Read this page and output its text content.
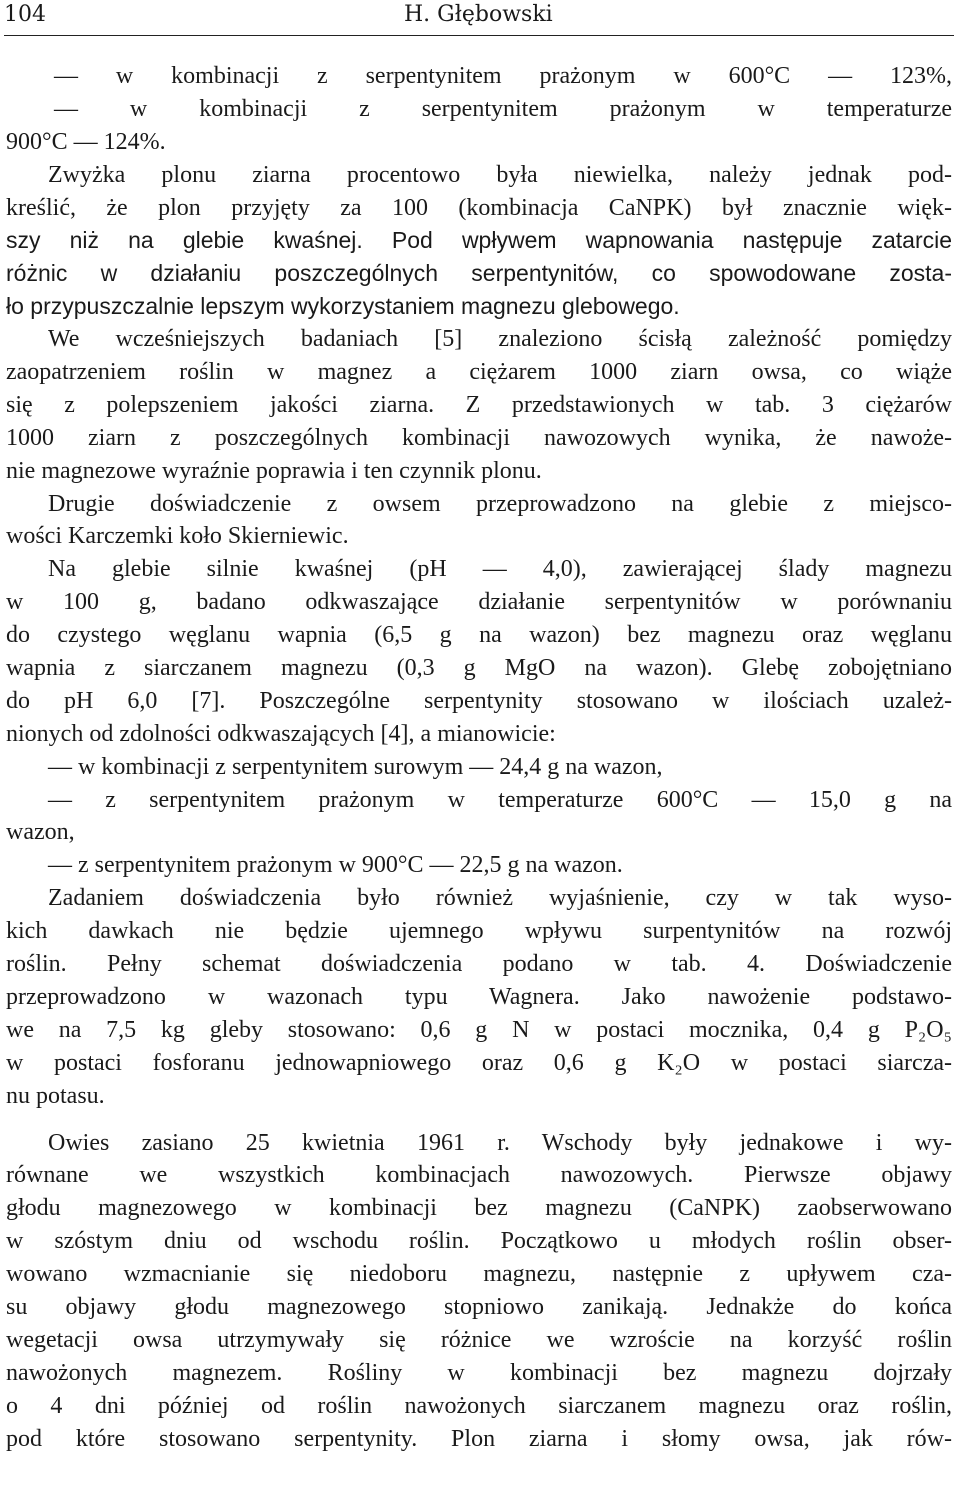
104	H. Głębowski
— w kombinacji z serpentynitem prażonym w 600°C — 123%,
— w kombinacji z serpentynitem prażonym w temperaturze
900°C — 124%.
Zwyżka plonu ziarna procentowo była niewielka, należy jednak pod-
kreślić, że plon przyjęty za 100 (kombinacja CaNPK) był znacznie więk-
szy niż na glebie kwaśnej. Pod wpływem wapnowania następuje zatarcie
różnic w działaniu poszczególnych serpentynitów, co spowodowane zosta-
ło przypuszczalnie lepszym wykorzystaniem magnezu glebowego.
We wcześniejszych badaniach [5] znaleziono ścisłą zależność pomiędzy
zaopatrzeniem roślin w magnez a ciężarem 1000 ziarn owsa, co wiąże
się z polepszeniem jakości ziarna. Z przedstawionych w tab. 3 ciężarów
1000 ziarn z poszczególnych kombinacji nawozowych wynika, że nawoże-
nie magnezowe wyraźnie poprawia i ten czynnik plonu.
Drugie doświadczenie z owsem przeprowadzono na glebie z miejsco-
wości Karczemki koło Skierniewic.
Na glebie silnie kwaśnej (pH — 4,0), zawierającej ślady magnezu
w 100 g, badano odkwaszające działanie serpentynitów w porównaniu
do czystego węglanu wapnia (6,5 g na wazon) bez magnezu oraz węglanu
wapnia z siarczanem magnezu (0,3 g MgO na wazon). Glebę zobojętniano
do pH 6,0 [7]. Poszczególne serpentynity stosowano w ilościach uzależ-
nionych od zdolności odkwaszających [4], a mianowicie:
— w kombinacji z serpentynitem surowym — 24,4 g na wazon,
— z serpentynitem prażonym w temperaturze 600°C — 15,0 g na
wazon,
— z serpentynitem prażonym w 900°C — 22,5 g na wazon.
Zadaniem doświadczenia było również wyjaśnienie, czy w tak wyso-
kich dawkach nie będzie ujemnego wpływu surpentynitów na rozwój
roślin. Pełny schemat doświadczenia podano w tab. 4. Doświadczenie
przeprowadzono w wazonach typu Wagnera. Jako nawożenie podstawo-
we na 7,5 kg gleby stosowano: 0,6 g N w postaci mocznika, 0,4 g P₂O₅
w postaci fosforanu jednowapniowego oraz 0,6 g K₂O w postaci siarcza-
nu potasu.
Owies zasiano 25 kwietnia 1961 r. Wschody były jednakowe i wy-
równane we wszystkich kombinacjach nawozowych. Pierwsze objawy
głodu magnezowego w kombinacji bez magnezu (CaNPK) zaobserwowano
w szóstym dniu od wschodu roślin. Początkowo u młodych roślin obser-
wowano wzmacnianie się niedoboru magnezu, następnie z upływem cza-
su objawy głodu magnezowego stopniowo zanikają. Jednakże do końca
wegetacji owsa utrzymywały się różnice we wzroście na korzyść roślin
nawożonych magnezem. Rośliny w kombinacji bez magnezu dojrzały
o 4 dni później od roślin nawożonych siarczanem magnezu oraz roślin,
pod które stosowano serpentynity. Plon ziarna i słomy owsa, jak rów-
